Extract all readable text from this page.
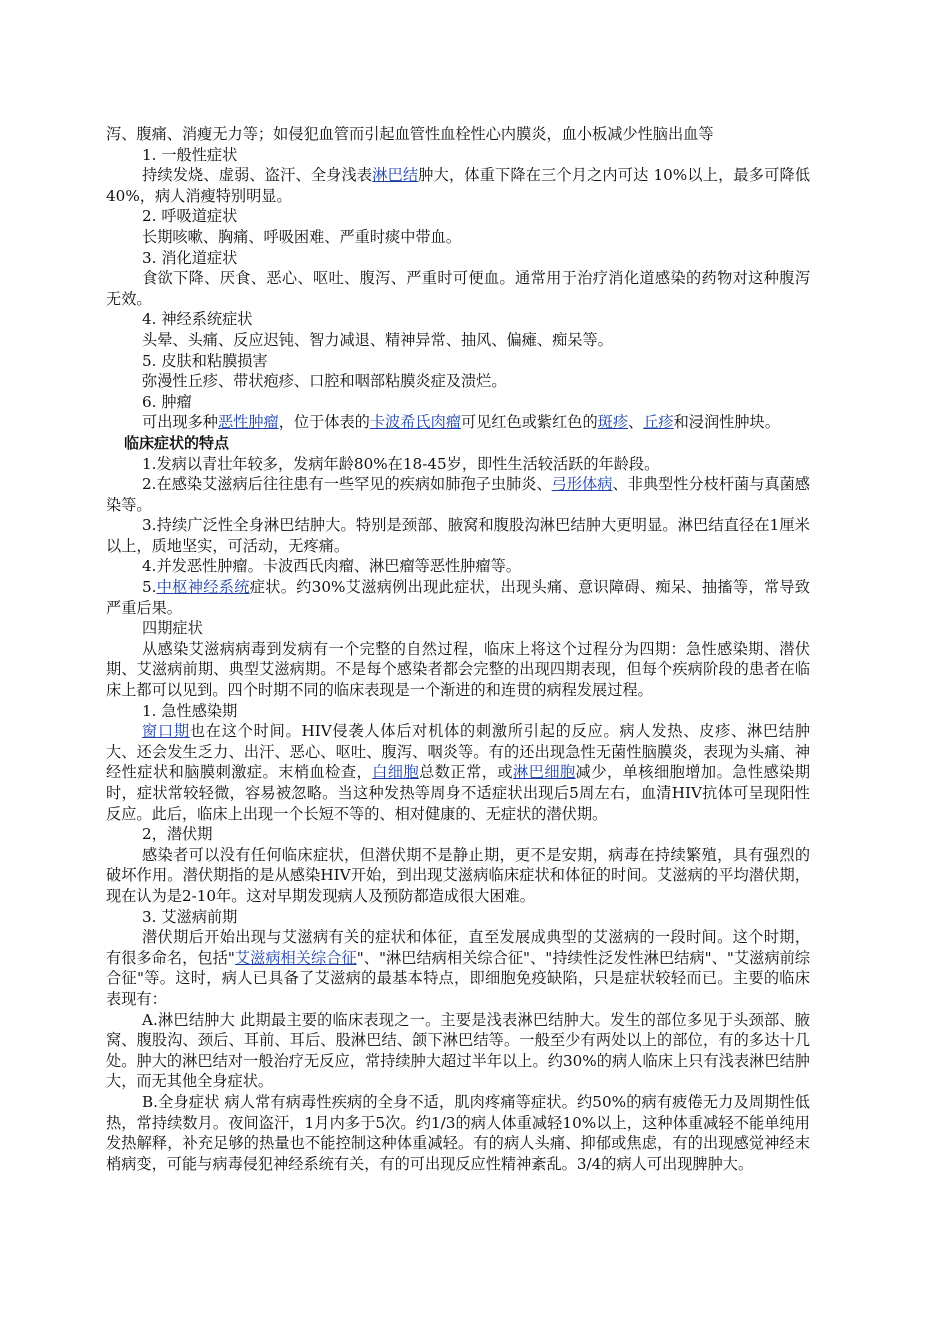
泻、腹痛、消瘦无力等；如侵犯血管而引起血管性血栓性心内膜炎，血小板减少性脑出血等

1. 一般性症状

持续发烧、虚弱、盗汗、全身浅表淋巴结肿大，体重下降在三个月之内可达 10%以上，最多可降低40%，病人消瘦特别明显。

2. 呼吸道症状

长期咳嗽、胸痛、呼吸困难、严重时痰中带血。

3. 消化道症状

食欲下降、厌食、恶心、呕吐、腹泻、严重时可便血。通常用于治疗消化道感染的药物对这种腹泻无效。

4. 神经系统症状

头晕、头痛、反应迟钝、智力减退、精神异常、抽风、偏瘫、痴呆等。

5. 皮肤和粘膜损害

弥漫性丘疹、带状疱疹、口腔和咽部粘膜炎症及溃烂。

6. 肿瘤

可出现多种恶性肿瘤，位于体表的卡波希氏肉瘤可见红色或紫红色的斑疹、丘疹和浸润性肿块。

临床症状的特点

1.发病以青壮年较多，发病年龄80%在18-45岁，即性生活较活跃的年龄段。

2.在感染艾滋病后往往患有一些罕见的疾病如肺孢子虫肺炎、弓形体病、非典型性分枝杆菌与真菌感染等。

3.持续广泛性全身淋巴结肿大。特别是颈部、腋窝和腹股沟淋巴结肿大更明显。淋巴结直径在1厘米以上，质地坚实，可活动，无疼痛。

4.并发恶性肿瘤。卡波西氏肉瘤、淋巴瘤等恶性肿瘤等。

5.中枢神经系统症状。约30%艾滋病例出现此症状，出现头痛、意识障碍、痴呆、抽搐等，常导致严重后果。

四期症状

从感染艾滋病病毒到发病有一个完整的自然过程，临床上将这个过程分为四期：急性感染期、潜伏期、艾滋病前期、典型艾滋病期。不是每个感染者都会完整的出现四期表现，但每个疾病阶段的患者在临床上都可以见到。四个时期不同的临床表现是一个渐进的和连贯的病程发展过程。

1. 急性感染期

窗口期也在这个时间。HIV侵袭人体后对机体的刺激所引起的反应。病人发热、皮疹、淋巴结肿大、还会发生乏力、出汗、恶心、呕吐、腹泻、咽炎等。有的还出现急性无菌性脑膜炎，表现为头痛、神经性症状和脑膜刺激症。末梢血检查，白细胞总数正常，或淋巴细胞减少，单核细胞增加。急性感染期时，症状常较轻微，容易被忽略。当这种发热等周身不适症状出现后5周左右，血清HIV抗体可呈现阳性反应。此后，临床上出现一个长短不等的、相对健康的、无症状的潜伏期。

2，潜伏期

感染者可以没有任何临床症状，但潜伏期不是静止期，更不是安期，病毒在持续繁殖，具有强烈的破坏作用。潜伏期指的是从感染HIV开始，到出现艾滋病临床症状和体征的时间。艾滋病的平均潜伏期，现在认为是2-10年。这对早期发现病人及预防都造成很大困难。

3. 艾滋病前期

潜伏期后开始出现与艾滋病有关的症状和体征，直至发展成典型的艾滋病的一段时间。这个时期，有很多命名，包括"艾滋病相关综合征"、"淋巴结病相关综合征"、"持续性泛发性淋巴结病"、"艾滋病前综合征"等。这时，病人已具备了艾滋病的最基本特点，即细胞免疫缺陷，只是症状较轻而已。主要的临床表现有：

A.淋巴结肿大 此期最主要的临床表现之一。主要是浅表淋巴结肿大。发生的部位多见于头颈部、腋窝、腹股沟、颈后、耳前、耳后、股淋巴结、颌下淋巴结等。一般至少有两处以上的部位，有的多达十几处。肿大的淋巴结对一般治疗无反应，常持续肿大超过半年以上。约30%的病人临床上只有浅表淋巴结肿大，而无其他全身症状。

B.全身症状 病人常有病毒性疾病的全身不适，肌肉疼痛等症状。约50%的病有疲倦无力及周期性低热，常持续数月。夜间盗汗，1月内多于5次。约1/3的病人体重减轻10%以上，这种体重减轻不能单纯用发热解释，补充足够的热量也不能控制这种体重减轻。有的病人头痛、抑郁或焦虑，有的出现感觉神经末梢病变，可能与病毒侵犯神经系统有关，有的可出现反应性精神紊乱。3/4的病人可出现脾肿大。
